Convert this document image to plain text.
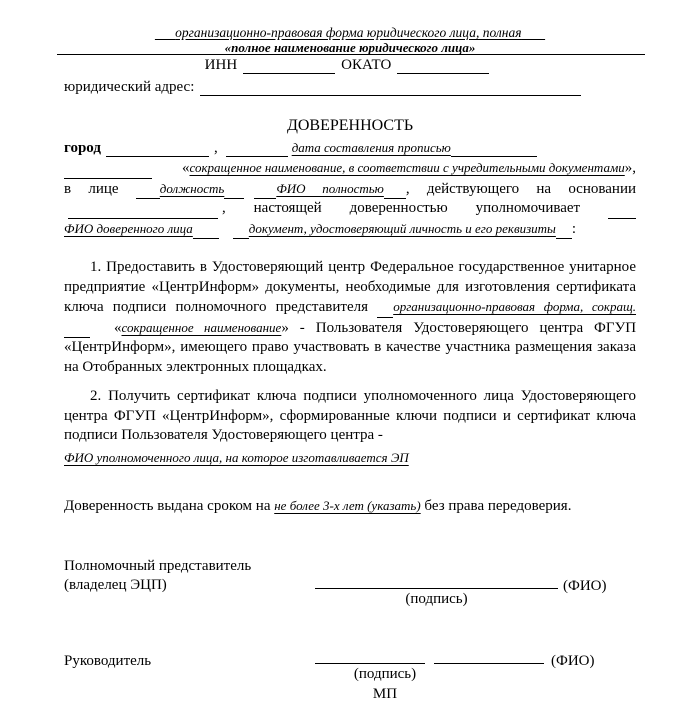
организационно-правовая форма юридического лица, полная
«полное наименование юридического лица»
ИНН	ОКАТО
юридический адрес:
ДОВЕРЕННОСТЬ
город	,	дата составления прописью
«сокращенное наименование, в соответствии с учредительными документами», в лице	должность	ФИО полностью , действующего на основании , настоящей доверенностью уполномочивает ФИО доверенного лица	документ, удостоверяющий личность и его реквизиты :
1. Предоставить в Удостоверяющий центр Федеральное государственное унитарное предприятие «ЦентрИнформ» документы, необходимые для изготовления сертификата ключа подписи полномочного представителя организационно-правовая форма, сокращ.«сокращенное наименование» - Пользователя Удостоверяющего центра ФГУП «ЦентрИнформ», имеющего право участвовать в качестве участника размещения заказа на Отобранных электронных площадках.
2. Получить сертификат ключа подписи уполномоченного лица Удостоверяющего центра ФГУП «ЦентрИнформ», сформированные ключи подписи и сертификат ключа подписи Пользователя Удостоверяющего центра -
ФИО уполномоченного лица, на которое изготавливается ЭП
Доверенность выдана сроком на не более 3-х лет (указать) без права передоверия.
Полномочный представитель
(владелец ЭЦП)	(ФИО)
(подпись)
Руководитель	(ФИО)
(подпись)
МП
